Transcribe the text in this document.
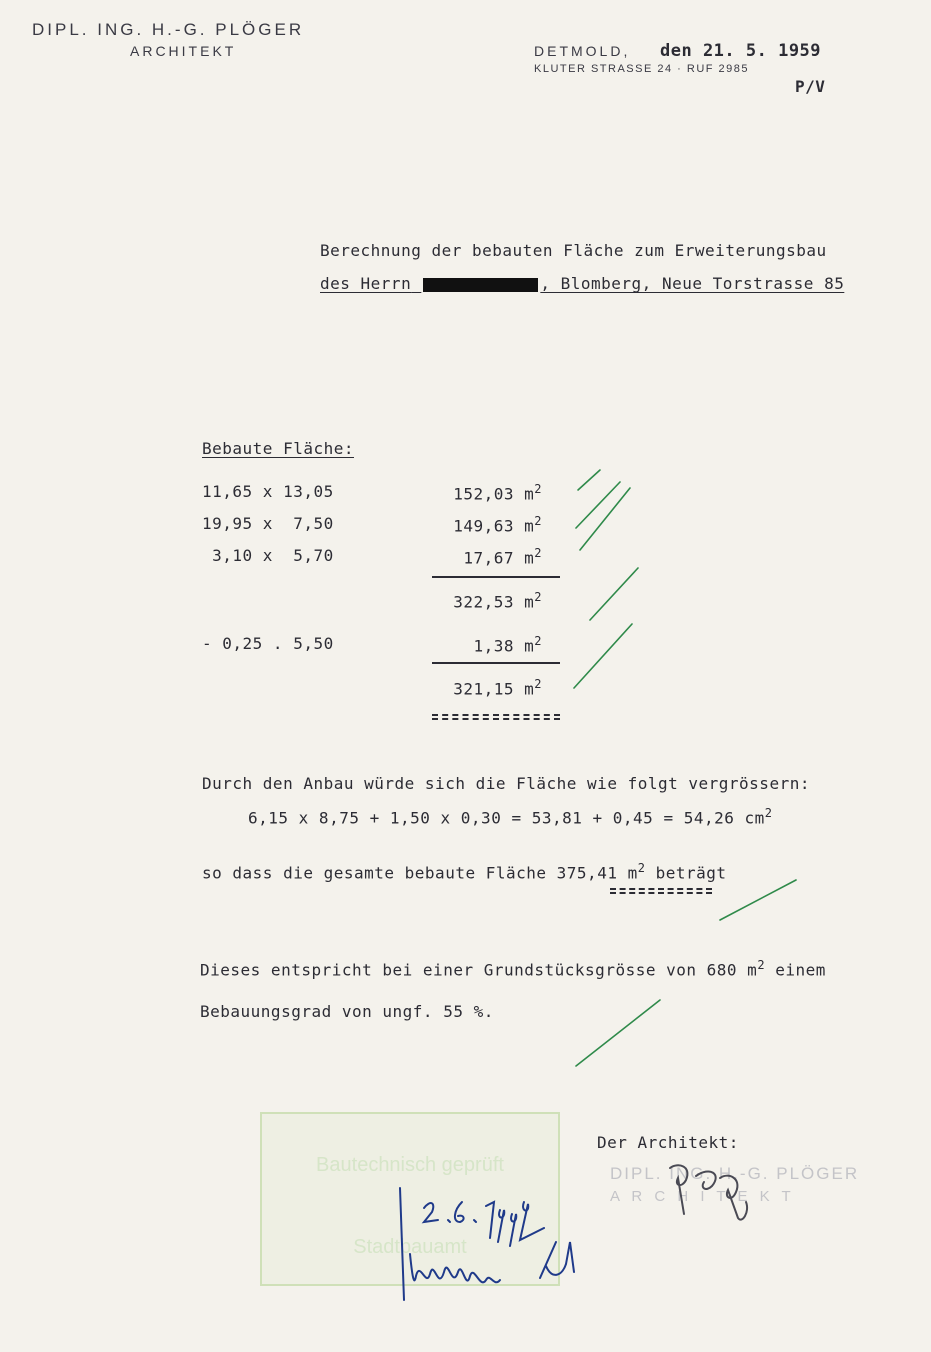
DIPL. ING. H.-G. PLÖGER
ARCHITEKT	DETMOLD, den 21. 5. 1959
KLUTER STRASSE 24 · RUF 2985
P/V
Berechnung der bebauten Fläche zum Erweiterungsbau
des Herrn	, Blomberg, Neue Torstrasse 85
Bebaute Fläche:
11,65 x 13,05	152,03 $m^2$
19,95 x  7,50	149,63 $m^2$
3,10 x  5,70	17,67 $m^2$
322,53 $m^2$
- 0,25 . 5,50	1,38 $m^2$
321,15 $m^2$
Durch den Anbau würde sich die Fläche wie folgt vergrössern:
6,15 x 8,75 + 1,50 x 0,30 = 53,81 + 0,45 = 54,26 $cm^2$
so dass die gesamte bebaute Fläche 375,41 $m^2$ beträgt
Dieses entspricht bei einer Grundstücksgrösse von 680 $m^2$ einem
Bebauungsgrad von ungf. 55 %.
Bautechnisch geprüft
Stadtbauamt
Der Architekt:
DIPL. ING. H.-G. PLÖGER
A R C H I T E K T
